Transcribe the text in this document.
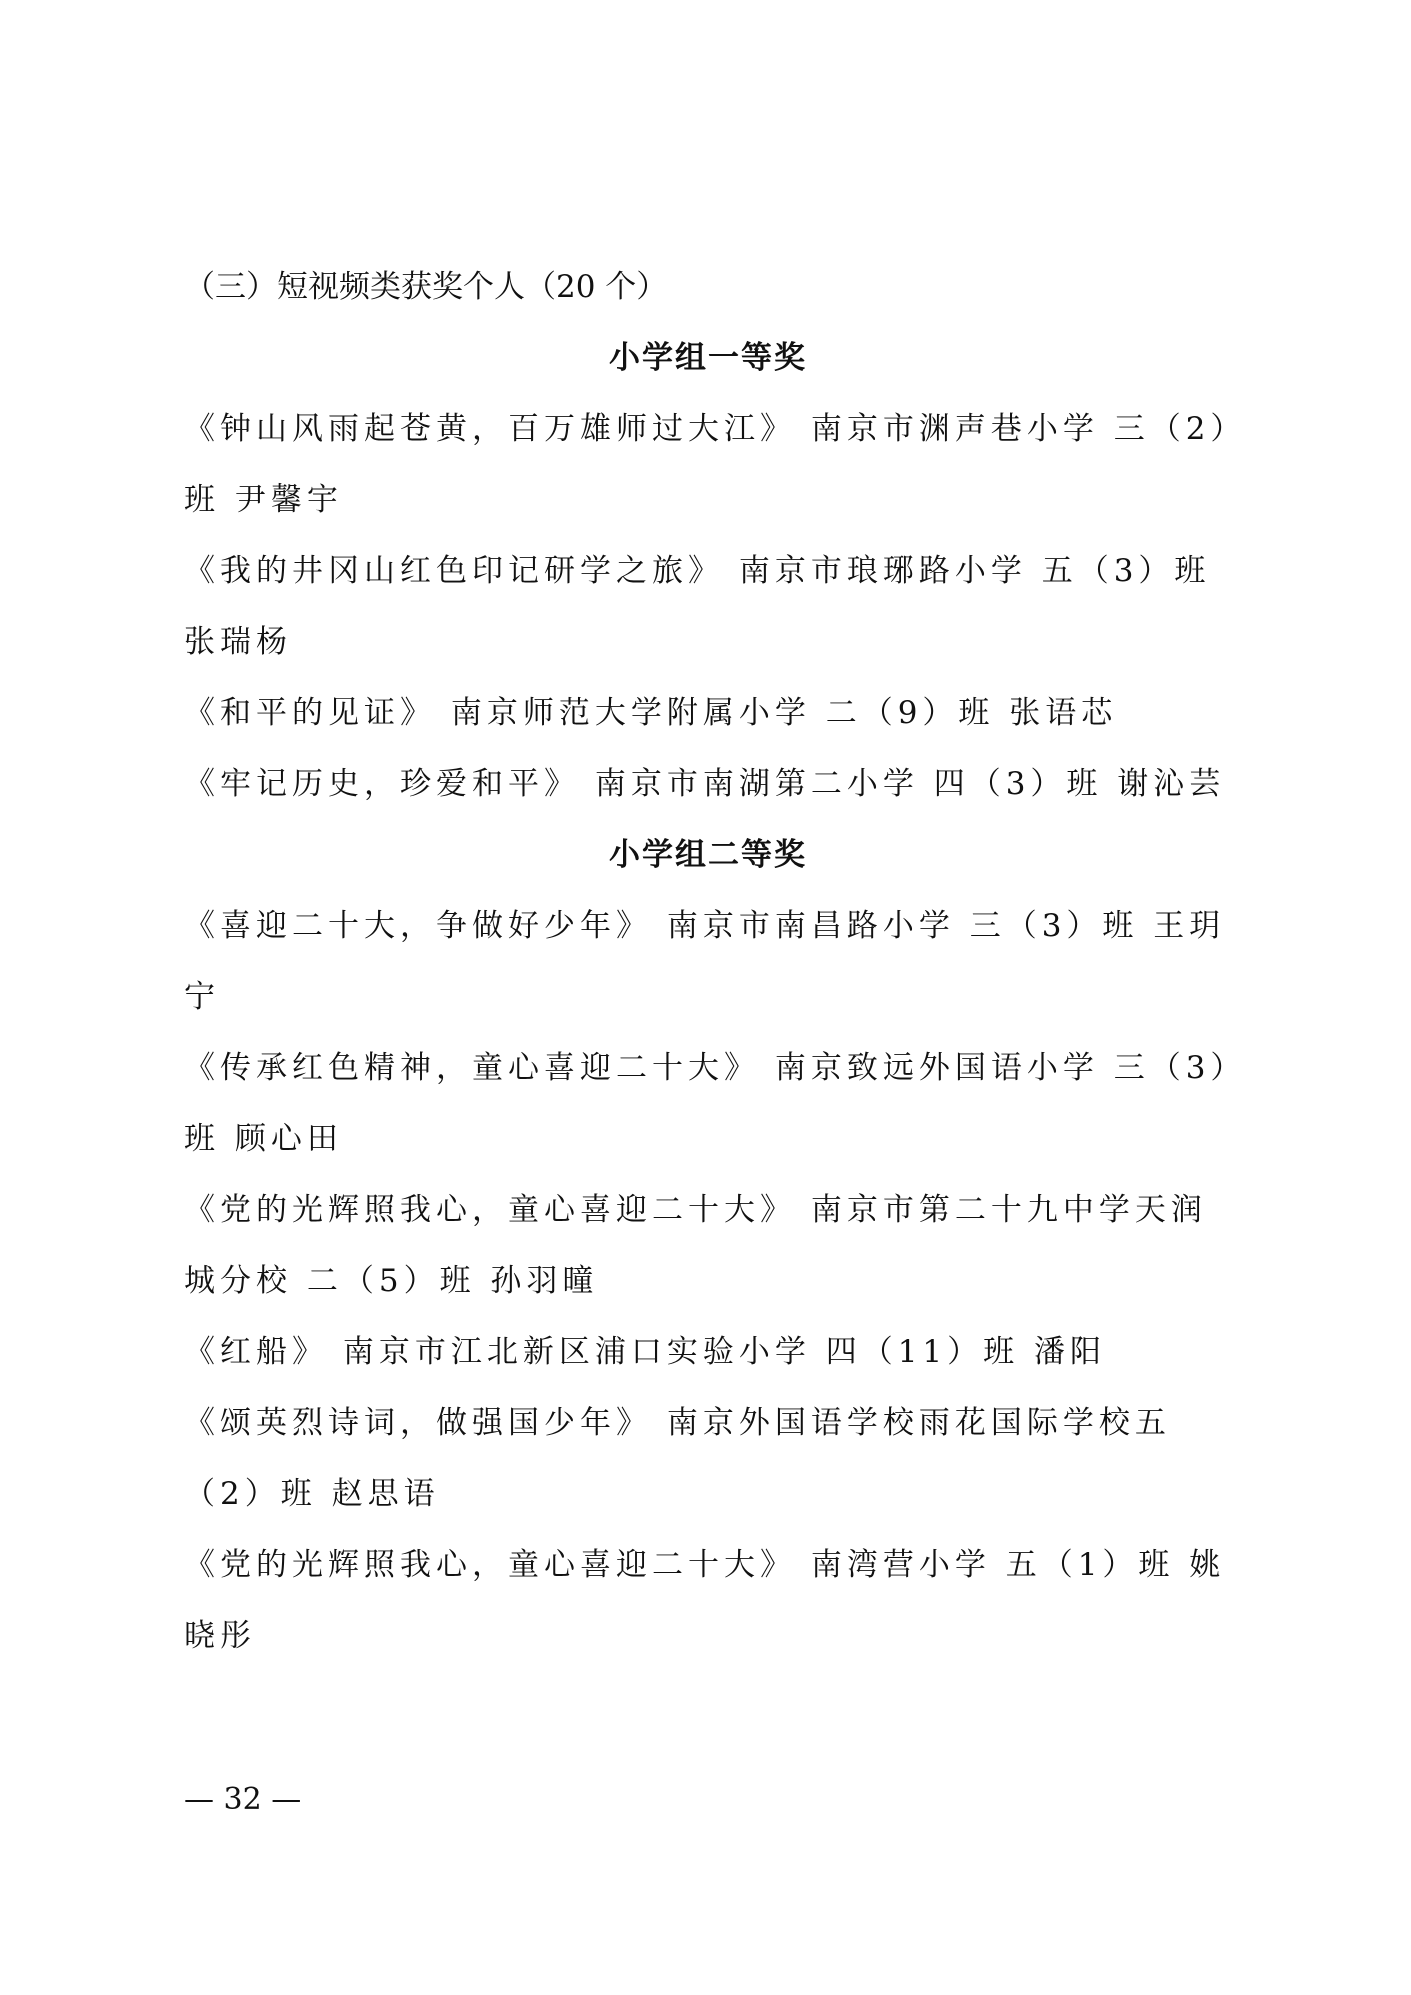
（三）短视频类获奖个人（20 个）

小学组一等奖

《钟山风雨起苍黄，百万雄师过大江》 南京市渊声巷小学 三（2）班 尹馨宇

《我的井冈山红色印记研学之旅》 南京市琅琊路小学 五（3）班 张瑞杨

《和平的见证》 南京师范大学附属小学 二（9）班 张语芯

《牢记历史，珍爱和平》 南京市南湖第二小学 四（3）班 谢沁芸

小学组二等奖

《喜迎二十大，争做好少年》 南京市南昌路小学 三（3）班 王玥宁

《传承红色精神，童心喜迎二十大》 南京致远外国语小学 三（3）班 顾心田

《党的光辉照我心，童心喜迎二十大》 南京市第二十九中学天润城分校 二（5）班 孙羽曈

《红船》 南京市江北新区浦口实验小学 四（11）班 潘阳

《颂英烈诗词，做强国少年》 南京外国语学校雨花国际学校五（2）班 赵思语

《党的光辉照我心，童心喜迎二十大》 南湾营小学 五（1）班 姚晓彤

— 32 —
